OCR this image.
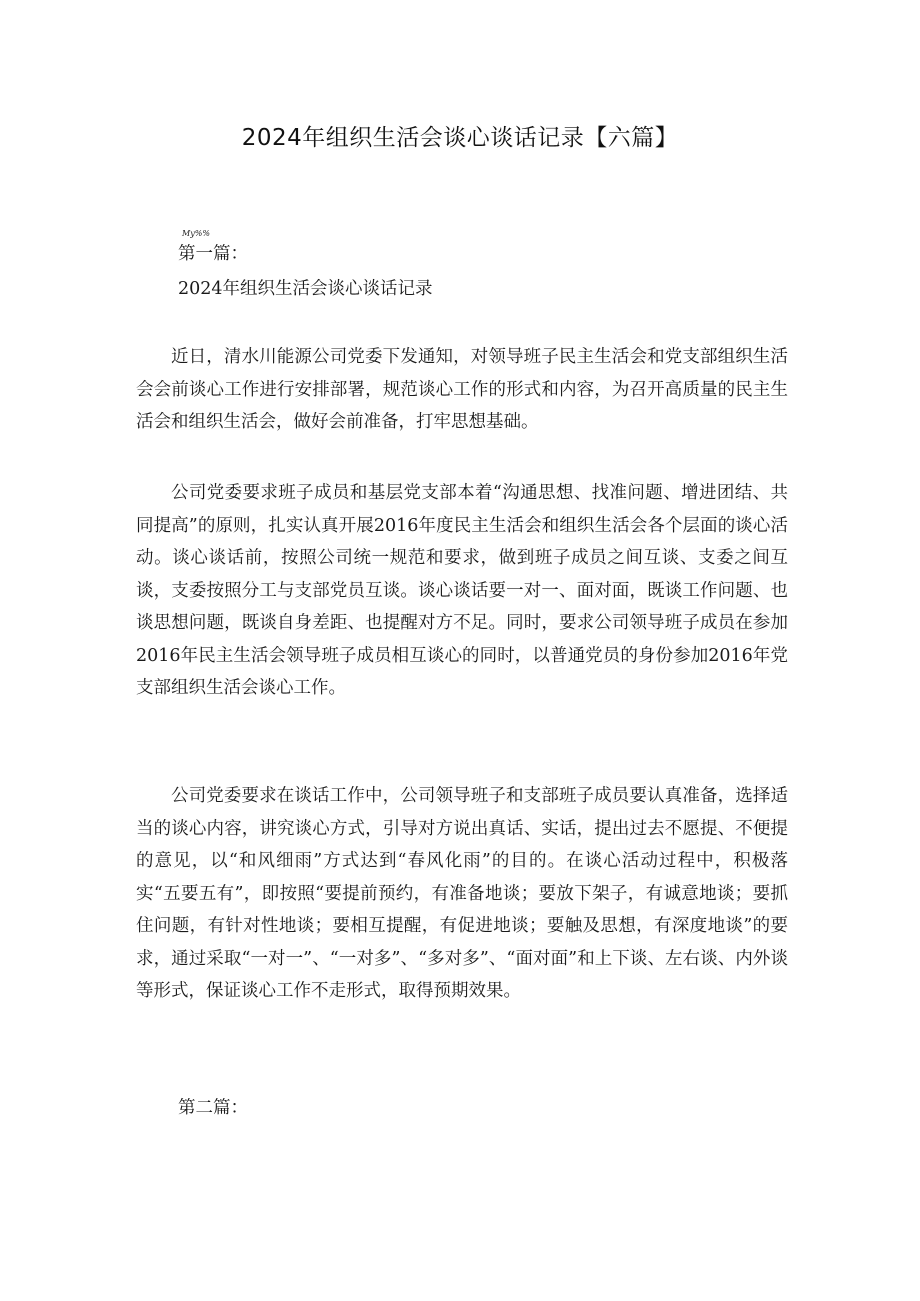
2024年组织生活会谈心谈话记录【六篇】
My%%
第一篇：
2024年组织生活会谈心谈话记录

近日，清水川能源公司党委下发通知，对领导班子民主生活会和党支部组织生活会会前谈心工作进行安排部署，规范谈心工作的形式和内容，为召开高质量的民主生活会和组织生活会，做好会前准备，打牢思想基础。

公司党委要求班子成员和基层党支部本着“沟通思想、找准问题、增进团结、共同提高”的原则，扎实认真开展2016年度民主生活会和组织生活会各个层面的谈心活动。谈心谈话前，按照公司统一规范和要求，做到班子成员之间互谈、支委之间互谈，支委按照分工与支部党员互谈。谈心谈话要一对一、面对面，既谈工作问题、也谈思想问题，既谈自身差距、也提醒对方不足。同时，要求公司领导班子成员在参加2016年民主生活会领导班子成员相互谈心的同时，以普通党员的身份参加2016年党支部组织生活会谈心工作。

公司党委要求在谈话工作中，公司领导班子和支部班子成员要认真准备，选择适当的谈心内容，讲究谈心方式，引导对方说出真话、实话，提出过去不愿提、不便提的意见，以“和风细雨”方式达到“春风化雨”的目的。在谈心活动过程中，积极落实“五要五有”，即按照“要提前预约，有准备地谈；要放下架子，有诚意地谈；要抓住问题，有针对性地谈；要相互提醒，有促进地谈；要触及思想，有深度地谈”的要求，通过采取“一对一”、“一对多”、“多对多”、“面对面”和上下谈、左右谈、内外谈等形式，保证谈心工作不走形式，取得预期效果。

第二篇：
